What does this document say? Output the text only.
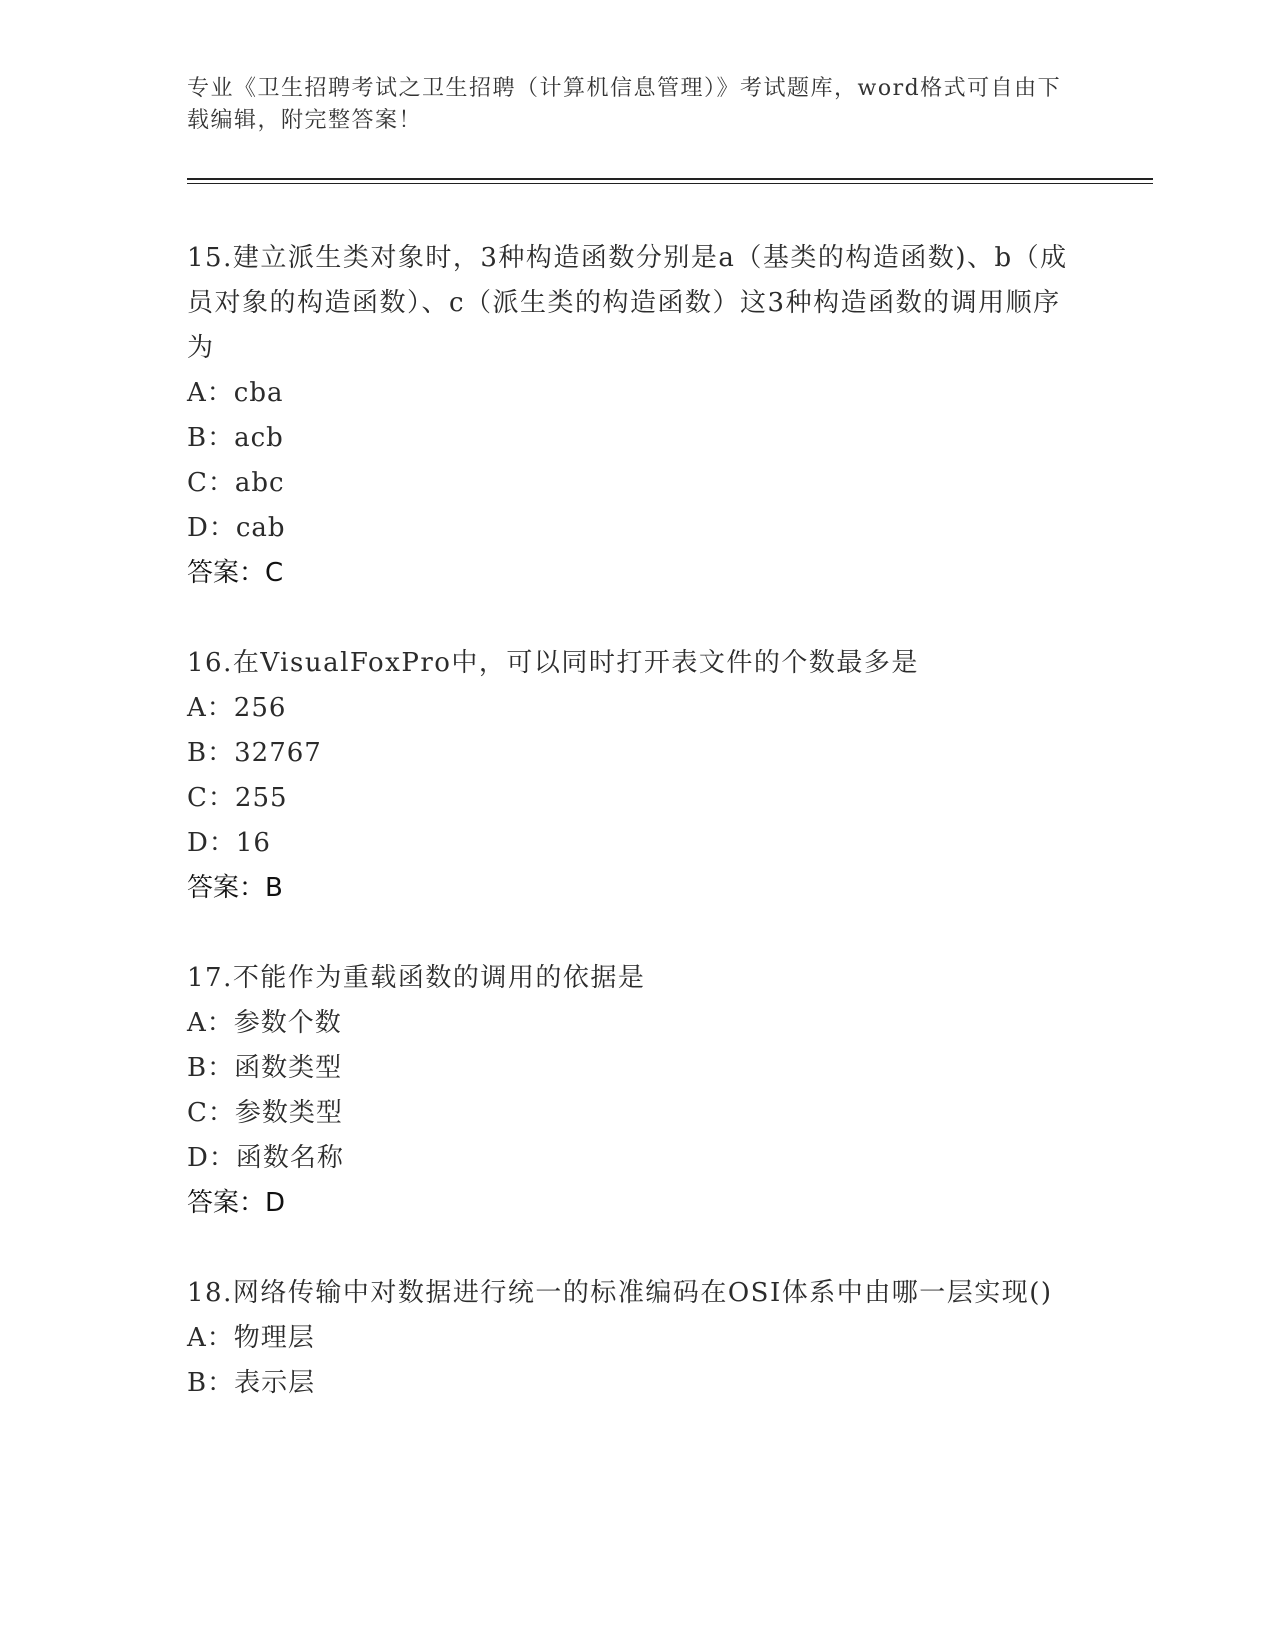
专业《卫生招聘考试之卫生招聘（计算机信息管理）》考试题库，word格式可自由下载编辑，附完整答案！

15.建立派生类对象时，3种构造函数分别是a（基类的构造函数)、b（成员对象的构造函数）、c（派生类的构造函数）这3种构造函数的调用顺序为

A：cba

B：acb

C：abc

D：cab

答案：C

16.在VisualFoxPro中，可以同时打开表文件的个数最多是

A：256

B：32767

C：255

D：16

答案：B

17.不能作为重载函数的调用的依据是

A：参数个数

B：函数类型

C：参数类型

D：函数名称

答案：D

18.网络传输中对数据进行统一的标准编码在OSI体系中由哪一层实现()

A：物理层

B：表示层
